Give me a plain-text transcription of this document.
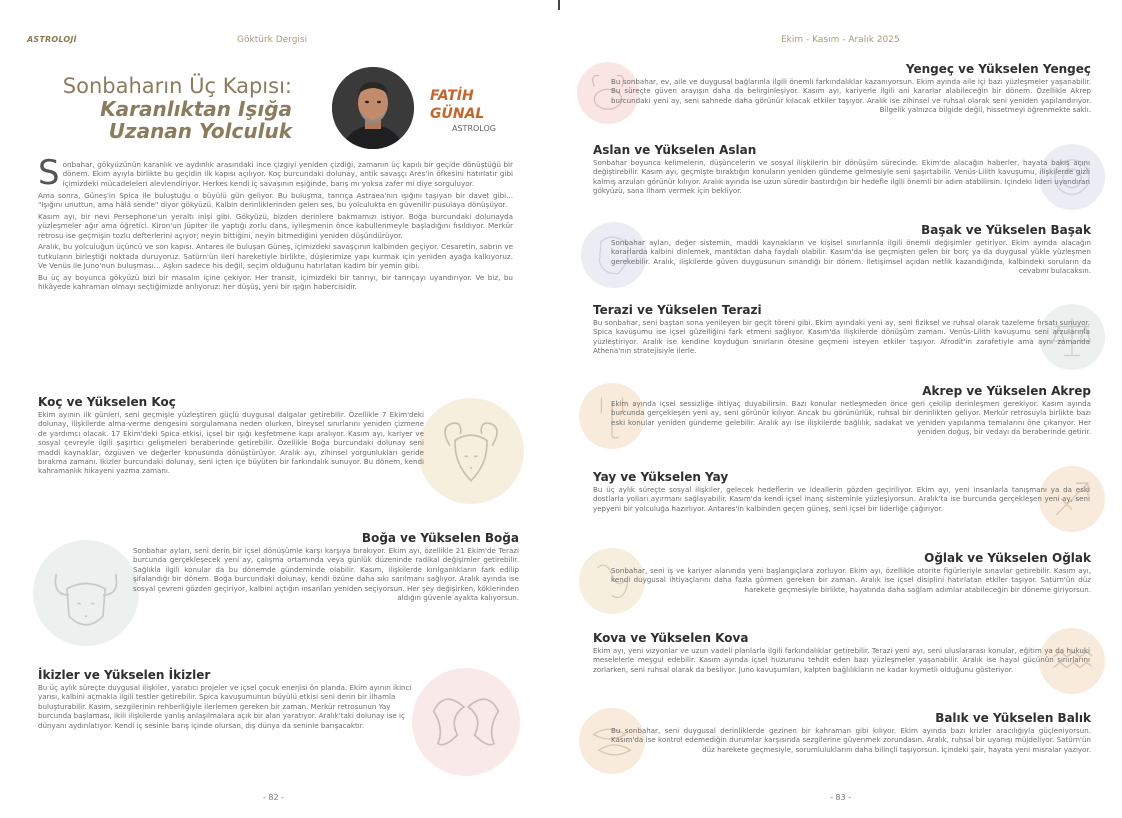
ASTROLOJİ	Göktürk Dergisi
Sonbaharın Üç Kapısı:
Karanlıktan Işığa
Uzanan Yolculuk
FATİH
GÜNAL
ASTROLOG

Sonbahar, gökyüzünün karanlık ve aydınlık arasındaki ince çizgiyi yeniden çizdiği, zamanın üç kapılı bir geçide dönüştüğü bir dönem. Ekim ayıyla birlikte bu geçidin ilk kapısı açılıyor. Koç burcundaki dolunay, antik savaşçı Ares'in öfkesini hatırlatır gibi içimizdeki mücadeleleri alevlendiriyor. Herkes kendi iç savaşının eşiğinde, barış mı yoksa zafer mi diye sorguluyor.

Ama sonra, Güneş'in Spica ile buluştuğu o büyülü gün geliyor. Bu buluşma, tanrıça Astraea'nın ışığını taşıyan bir davet gibi... "Işığını unuttun, ama hâlâ sende" diyor gökyüzü. Kalbin derinliklerinden gelen ses, bu yolculukta en güvenilir pusulaya dönüşüyor.

Kasım ayı, bir nevi Persephone'un yeraltı inişi gibi. Gökyüzü, bizden derinlere bakmamızı istiyor. Boğa burcundaki dolunayda yüzleşmeler ağır ama öğretici. Kiron'un Jüpiter ile yaptığı zorlu dans, iyileşmenin önce kabullenmeyle başladığını fısıldıyor. Merkür retrosu ise geçmişin tozlu defterlerini açıyor; neyin bittiğini, neyin bitmediğini yeniden düşündürüyor.

Aralık, bu yolculuğun üçüncü ve son kapısı. Antares ile buluşan Güneş, içimizdeki savaşçının kalbinden geçiyor. Cesaretin, sabrın ve tutkuların birleştiği noktada duruyoruz. Satürn'ün ileri hareketiyle birlikte, düşlerimize yapı kurmak için yeniden ayağa kalkıyoruz. Ve Venüs ile Juno'nun buluşması... Aşkın sadece his değil, seçim olduğunu hatırlatan kadim bir yemin gibi.

Bu üç ay boyunca gökyüzü bizi bir masalın içine çekiyor. Her transit, içimizdeki bir tanrıyı, bir tanrıçayı uyandırıyor. Ve biz, bu hikâyede kahraman olmayı seçtiğimizde anlıyoruz: her düşüş, yeni bir ışığın habercisidir.

Koç ve Yükselen Koç
Ekim ayının ilk günleri, seni geçmişle yüzleştiren güçlü duygusal dalgalar getirebilir. Özellikle 7 Ekim'deki dolunay, ilişkilerde alma-verme dengesini sorgulamana neden olurken, bireysel sınırlarını yeniden çizmene de yardımcı olacak. 17 Ekim'deki Spica etkisi, içsel bir ışığı keşfetmene kapı aralıyor. Kasım ayı, kariyer ve sosyal çevreyle ilgili şaşırtıcı gelişmeleri beraberinde getirebilir. Özellikle Boğa burcundaki dolunay seni maddi kaynaklar, özgüven ve değerler konusunda dönüştürüyor. Aralık ayı, zihinsel yorgunlukları geride bırakma zamanı. İkizler burcundaki dolunay, seni içten içe büyüten bir farkındalık sunuyor. Bu dönem, kendi kahramanlık hikayeni yazma zamanı.
Boğa ve Yükselen Boğa
Sonbahar ayları, seni derin bir içsel dönüşümle karşı karşıya bırakıyor. Ekim ayı, özellikle 21 Ekim'de Terazi burcunda gerçekleşecek yeni ay, çalışma ortamında veya günlük düzeninde radikal değişimler getirebilir. Sağlıkla ilgili konular da bu dönemde gündeminde olabilir. Kasım, ilişkilerde kırılganlıkların fark edilip şifalandığı bir dönem. Boğa burcundaki dolunay, kendi özüne daha sıkı sarılmanı sağlıyor. Aralık ayında ise sosyal çevreni gözden geçiriyor, kalbini açtığın insanları yeniden seçiyorsun. Her şey değişirken, köklerinden aldığın güvenle ayakta kalıyorsun.
İkizler ve Yükselen İkizler
Bu üç aylık süreçte duygusal ilişkiler, yaratıcı projeler ve içsel çocuk enerjisi ön planda. Ekim ayının ikinci yarısı, kalbini açmakla ilgili testler getirebilir. Spica kavuşumunun büyülü etkisi seni derin bir ilhamla buluşturabilir. Kasım, sezgilerinin rehberliğiyle ilerlemen gereken bir zaman. Merkür retrosunun Yay burcunda başlaması, ikili ilişkilerde yanlış anlaşılmalara açık bir alan yaratıyor. Aralık'taki dolunay ise iç dünyanı aydınlatıyor. Kendi iç sesinle barış içinde olursan, dış dünya da seninle barışacaktır.
- 82 -
Ekim - Kasım - Aralık 2025
Yengeç ve Yükselen Yengeç
Bu sonbahar, ev, aile ve duygusal bağlarınla ilgili önemli farkındalıklar kazanıyorsun. Ekim ayında aile içi bazı yüzleşmeler yaşanabilir. Bu süreçte güven arayışın daha da belirginleşiyor. Kasım ayı, kariyerle ilgili ani kararlar alabileceğin bir dönem. Özellikle Akrep burcundaki yeni ay, seni sahnede daha görünür kılacak etkiler taşıyor. Aralık ise zihinsel ve ruhsal olarak seni yeniden yapılandırıyor. Bilgelik yalnızca bilgide değil, hissetmeyi öğrenmekte saklı.
Aslan ve Yükselen Aslan
Sonbahar boyunca kelimelerin, düşüncelerin ve sosyal ilişkilerin bir dönüşüm sürecinde. Ekim'de alacağın haberler, hayata bakış açını değiştirebilir. Kasım ayı, geçmişte bıraktığın konuların yeniden gündeme gelmesiyle seni şaşırtabilir. Venüs-Lilith kavuşumu, ilişkilerde gizli kalmış arzuları görünür kılıyor. Aralık ayında ise uzun süredir bastırdığın bir hedefle ilgili önemli bir adım atabilirsin. İçindeki lideri uyandıran gökyüzü, sana ilham vermek için bekliyor.
Başak ve Yükselen Başak
Sonbahar ayları, değer sistemin, maddi kaynakların ve kişisel sınırlarınla ilgili önemli değişimler getiriyor. Ekim ayında alacağın kararlarda kalbini dinlemek, mantıktan daha faydalı olabilir. Kasım'da ise geçmişten gelen bir borç ya da duygusal yükle yüzleşmen gerekebilir. Aralık, ilişkilerde güven duygusunun sınandığı bir dönem. İletişimsel açıdan netlik kazandığında, kalbindeki soruların da cevabını bulacaksın.
Terazi ve Yükselen Terazi
Bu sonbahar, seni baştan sona yenileyen bir geçit töreni gibi. Ekim ayındaki yeni ay, seni fiziksel ve ruhsal olarak tazeleme fırsatı sunuyor. Spica kavuşumu ise içsel güzelliğini fark etmeni sağlıyor. Kasım'da ilişkilerde dönüşüm zamanı. Venüs-Lilith kavuşumu seni arzularınla yüzleştiriyor. Aralık ise kendine koyduğun sınırların ötesine geçmeni isteyen etkiler taşıyor. Afrodit'in zarafetiyle ama aynı zamanda Athena'nın stratejisiyle ilerle.
Akrep ve Yükselen Akrep
Ekim ayında içsel sessizliğe ihtiyaç duyabilirsin. Bazı konular netleşmeden önce geri çekilip derinleşmen gerekiyor. Kasım ayında burcunda gerçekleşen yeni ay, seni görünür kılıyor. Ancak bu görünürlük, ruhsal bir derinlikten geliyor. Merkür retrosuyla birlikte bazı eski konular yeniden gündeme gelebilir. Aralık ayı ise ilişkilerde bağlılık, sadakat ve yeniden yapılanma temalarını öne çıkarıyor. Her yeniden doğuş, bir vedayı da beraberinde getirir.
Yay ve Yükselen Yay
Bu üç aylık süreçte sosyal ilişkiler, gelecek hedeflerin ve ideallerin gözden geçiriliyor. Ekim ayı, yeni insanlarla tanışmanı ya da eski dostlarla yolları ayırmanı sağlayabilir. Kasım'da kendi içsel inanç sisteminle yüzleşiyorsun. Aralık'ta ise burcunda gerçekleşen yeni ay, seni yepyeni bir yolculuğa hazırlıyor. Antares'in kalbinden geçen güneş, seni içsel bir liderliğe çağırıyor.
Oğlak ve Yükselen Oğlak
Sonbahar, seni iş ve kariyer alanında yeni başlangıçlara zorluyor. Ekim ayı, özellikle otorite figürleriyle sınavlar getirebilir. Kasım ayı, kendi duygusal ihtiyaçlarını daha fazla görmen gereken bir zaman. Aralık ise içsel disiplini hatırlatan etkiler taşıyor. Satürn'ün düz harekete geçmesiyle birlikte, hayatında daha sağlam adımlar atabileceğin bir döneme giriyorsun.
Kova ve Yükselen Kova
Ekim ayı, yeni vizyonlar ve uzun vadeli planlarla ilgili farkındalıklar getirebilir. Terazi yeni ayı, seni uluslararası konular, eğitim ya da hukuki meselelerle meşgul edebilir. Kasım ayında içsel huzurunu tehdit eden bazı yüzleşmeler yaşanabilir. Aralık ise hayal gücünün sınırlarını zorlarken, seni ruhsal olarak da besliyor. Juno kavuşumları, kalpten bağlılıkların ne kadar kıymetli olduğunu gösteriyor.
Balık ve Yükselen Balık
Bu sonbahar, seni duygusal derinliklerde gezinen bir kahraman gibi kılıyor. Ekim ayında bazı krizler aracılığıyla güçleniyorsun. Kasım'da ise kontrol edemediğin durumlar karşısında sezgilerine güvenmek zorundasın. Aralık, ruhsal bir uyanışı müjdeliyor. Satürn'ün düz harekete geçmesiyle, sorumluluklarını daha bilinçli taşıyorsun. İçindeki şair, hayata yeni mısralar yazıyor.
- 83 -
